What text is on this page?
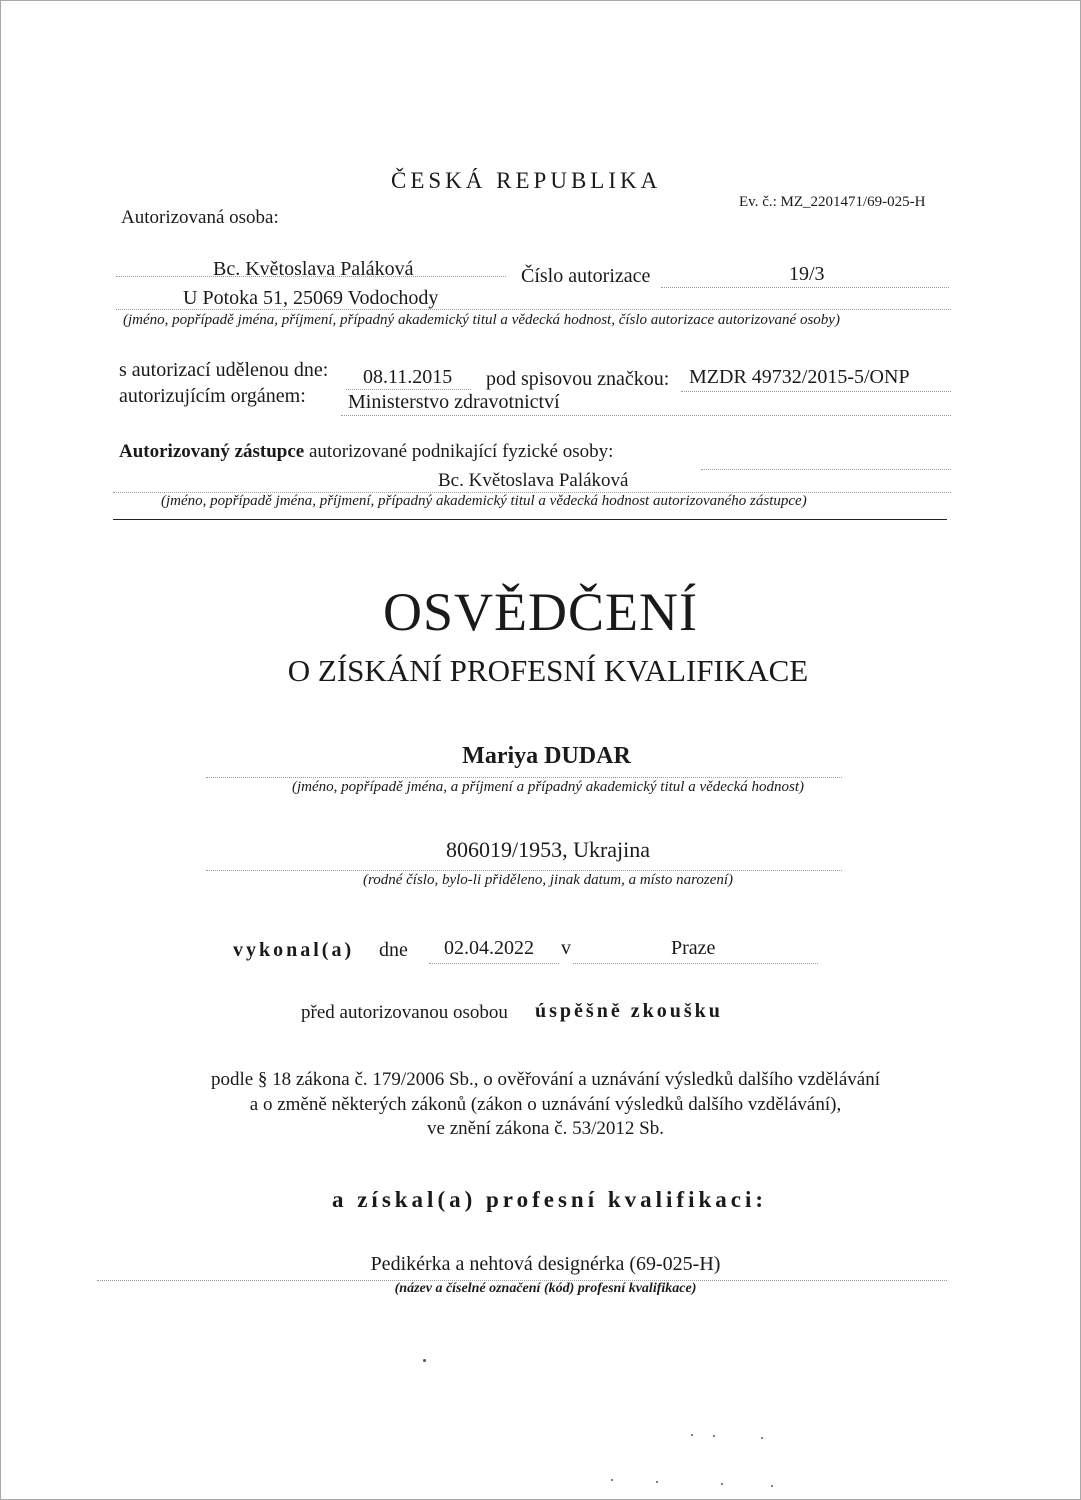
ČESKÁ REPUBLIKA
Ev. č.: MZ_2201471/69-025-H
Autorizovaná osoba:
Bc. Květoslava Paláková	Číslo autorizace	19/3
U Potoka 51, 25069 Vodochody
(jméno, popřípadě jména, příjmení, případný akademický titul a vědecká hodnost, číslo autorizace autorizované osoby)
s autorizací udělenou dne: 08.11.2015 pod spisovou značkou: MZDR 49732/2015-5/ONP
autorizujícím orgánem: Ministerstvo zdravotnictví
Autorizovaný zástupce autorizované podnikající fyzické osoby:
Bc. Květoslava Paláková
(jméno, popřípadě jména, příjmení, případný akademický titul a vědecká hodnost autorizovaného zástupce)
OSVĚDČENÍ
O ZÍSKÁNÍ PROFESNÍ KVALIFIKACE
Mariya DUDAR
(jméno, popřípadě jména, a příjmení a případný akademický titul a vědecká hodnost)
806019/1953, Ukrajina
(rodné číslo, bylo-li přiděleno, jinak datum, a místo narození)
vykonal(a) dne 02.04.2022 v	Praze
před autorizovanou osobou úspěšně zkoušku
podle § 18 zákona č. 179/2006 Sb., o ověřování a uznávání výsledků dalšího vzdělávání
a o změně některých zákonů (zákon o uznávání výsledků dalšího vzdělávání),
ve znění zákona č. 53/2012 Sb.
a získal(a) profesní kvalifikaci:
Pedikérka a nehtová designérka (69-025-H)
(název a číselné označení (kód) profesní kvalifikace)
